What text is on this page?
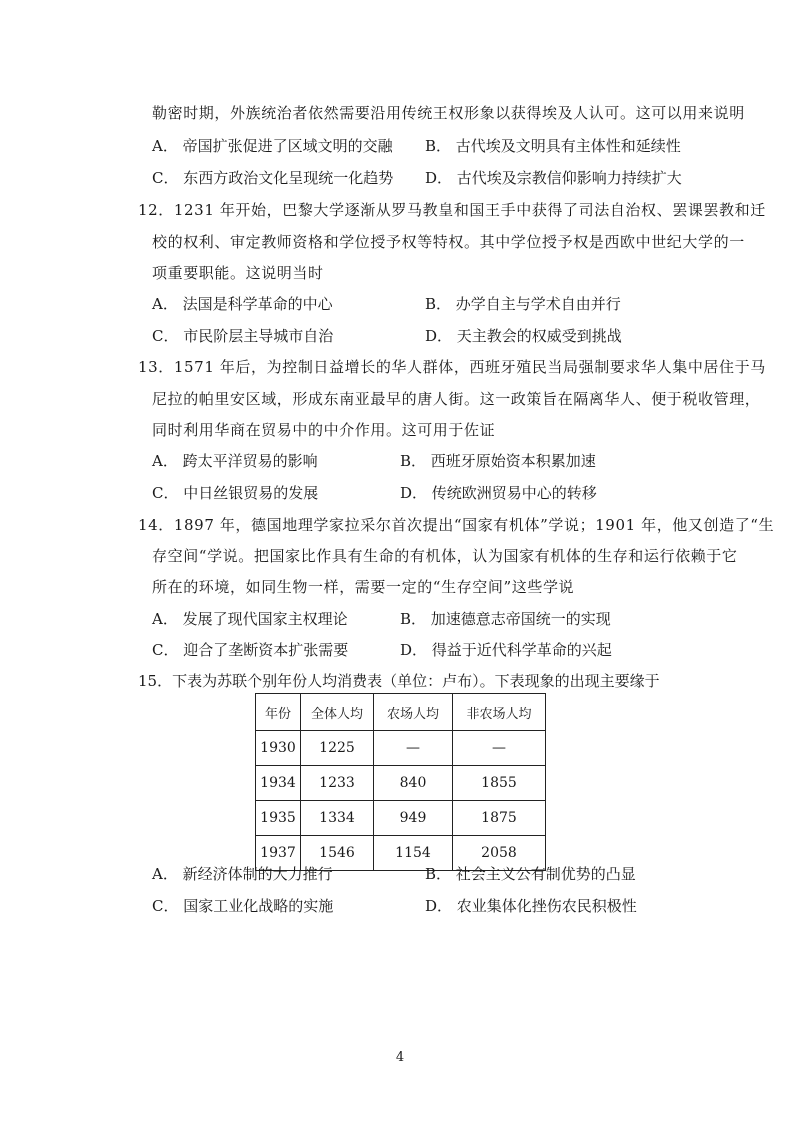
勒密时期，外族统治者依然需要沿用传统王权形象以获得埃及人认可。这可以用来说明
A． 帝国扩张促进了区域文明的交融 B． 古代埃及文明具有主体性和延续性
C． 东西方政治文化呈现统一化趋势 D． 古代埃及宗教信仰影响力持续扩大
12．1231 年开始，巴黎大学逐渐从罗马教皇和国王手中获得了司法自治权、罢课罢教和迁
校的权利、审定教师资格和学位授予权等特权。其中学位授予权是西欧中世纪大学的一
项重要职能。这说明当时
A． 法国是科学革命的中心	B． 办学自主与学术自由并行
C． 市民阶层主导城市自治	D． 天主教会的权威受到挑战
13．1571 年后，为控制日益增长的华人群体，西班牙殖民当局强制要求华人集中居住于马
尼拉的帕里安区域，形成东南亚最早的唐人街。这一政策旨在隔离华人、便于税收管理，
同时利用华商在贸易中的中介作用。这可用于佐证
A． 跨太平洋贸易的影响	B． 西班牙原始资本积累加速
C． 中日丝银贸易的发展	D． 传统欧洲贸易中心的转移
14．1897 年，德国地理学家拉采尔首次提出“国家有机体”学说；1901 年，他又创造了“生
存空间“学说。把国家比作具有生命的有机体，认为国家有机体的生存和运行依赖于它
所在的环境，如同生物一样，需要一定的“生存空间”这些学说
A． 发展了现代国家主权理论	B． 加速德意志帝国统一的实现
C． 迎合了垄断资本扩张需要	D． 得益于近代科学革命的兴起
15．下表为苏联个别年份人均消费表（单位：卢布）。下表现象的出现主要缘于
年份	全体人均	农场人均	非农场人均
1930	1225	—	—
1934	1233	840	1855
1935	1334	949	1875
1937	1546	1154	2058
A． 新经济体制的大力推行	B． 社会主义公有制优势的凸显
C． 国家工业化战略的实施	D． 农业集体化挫伤农民积极性
4
